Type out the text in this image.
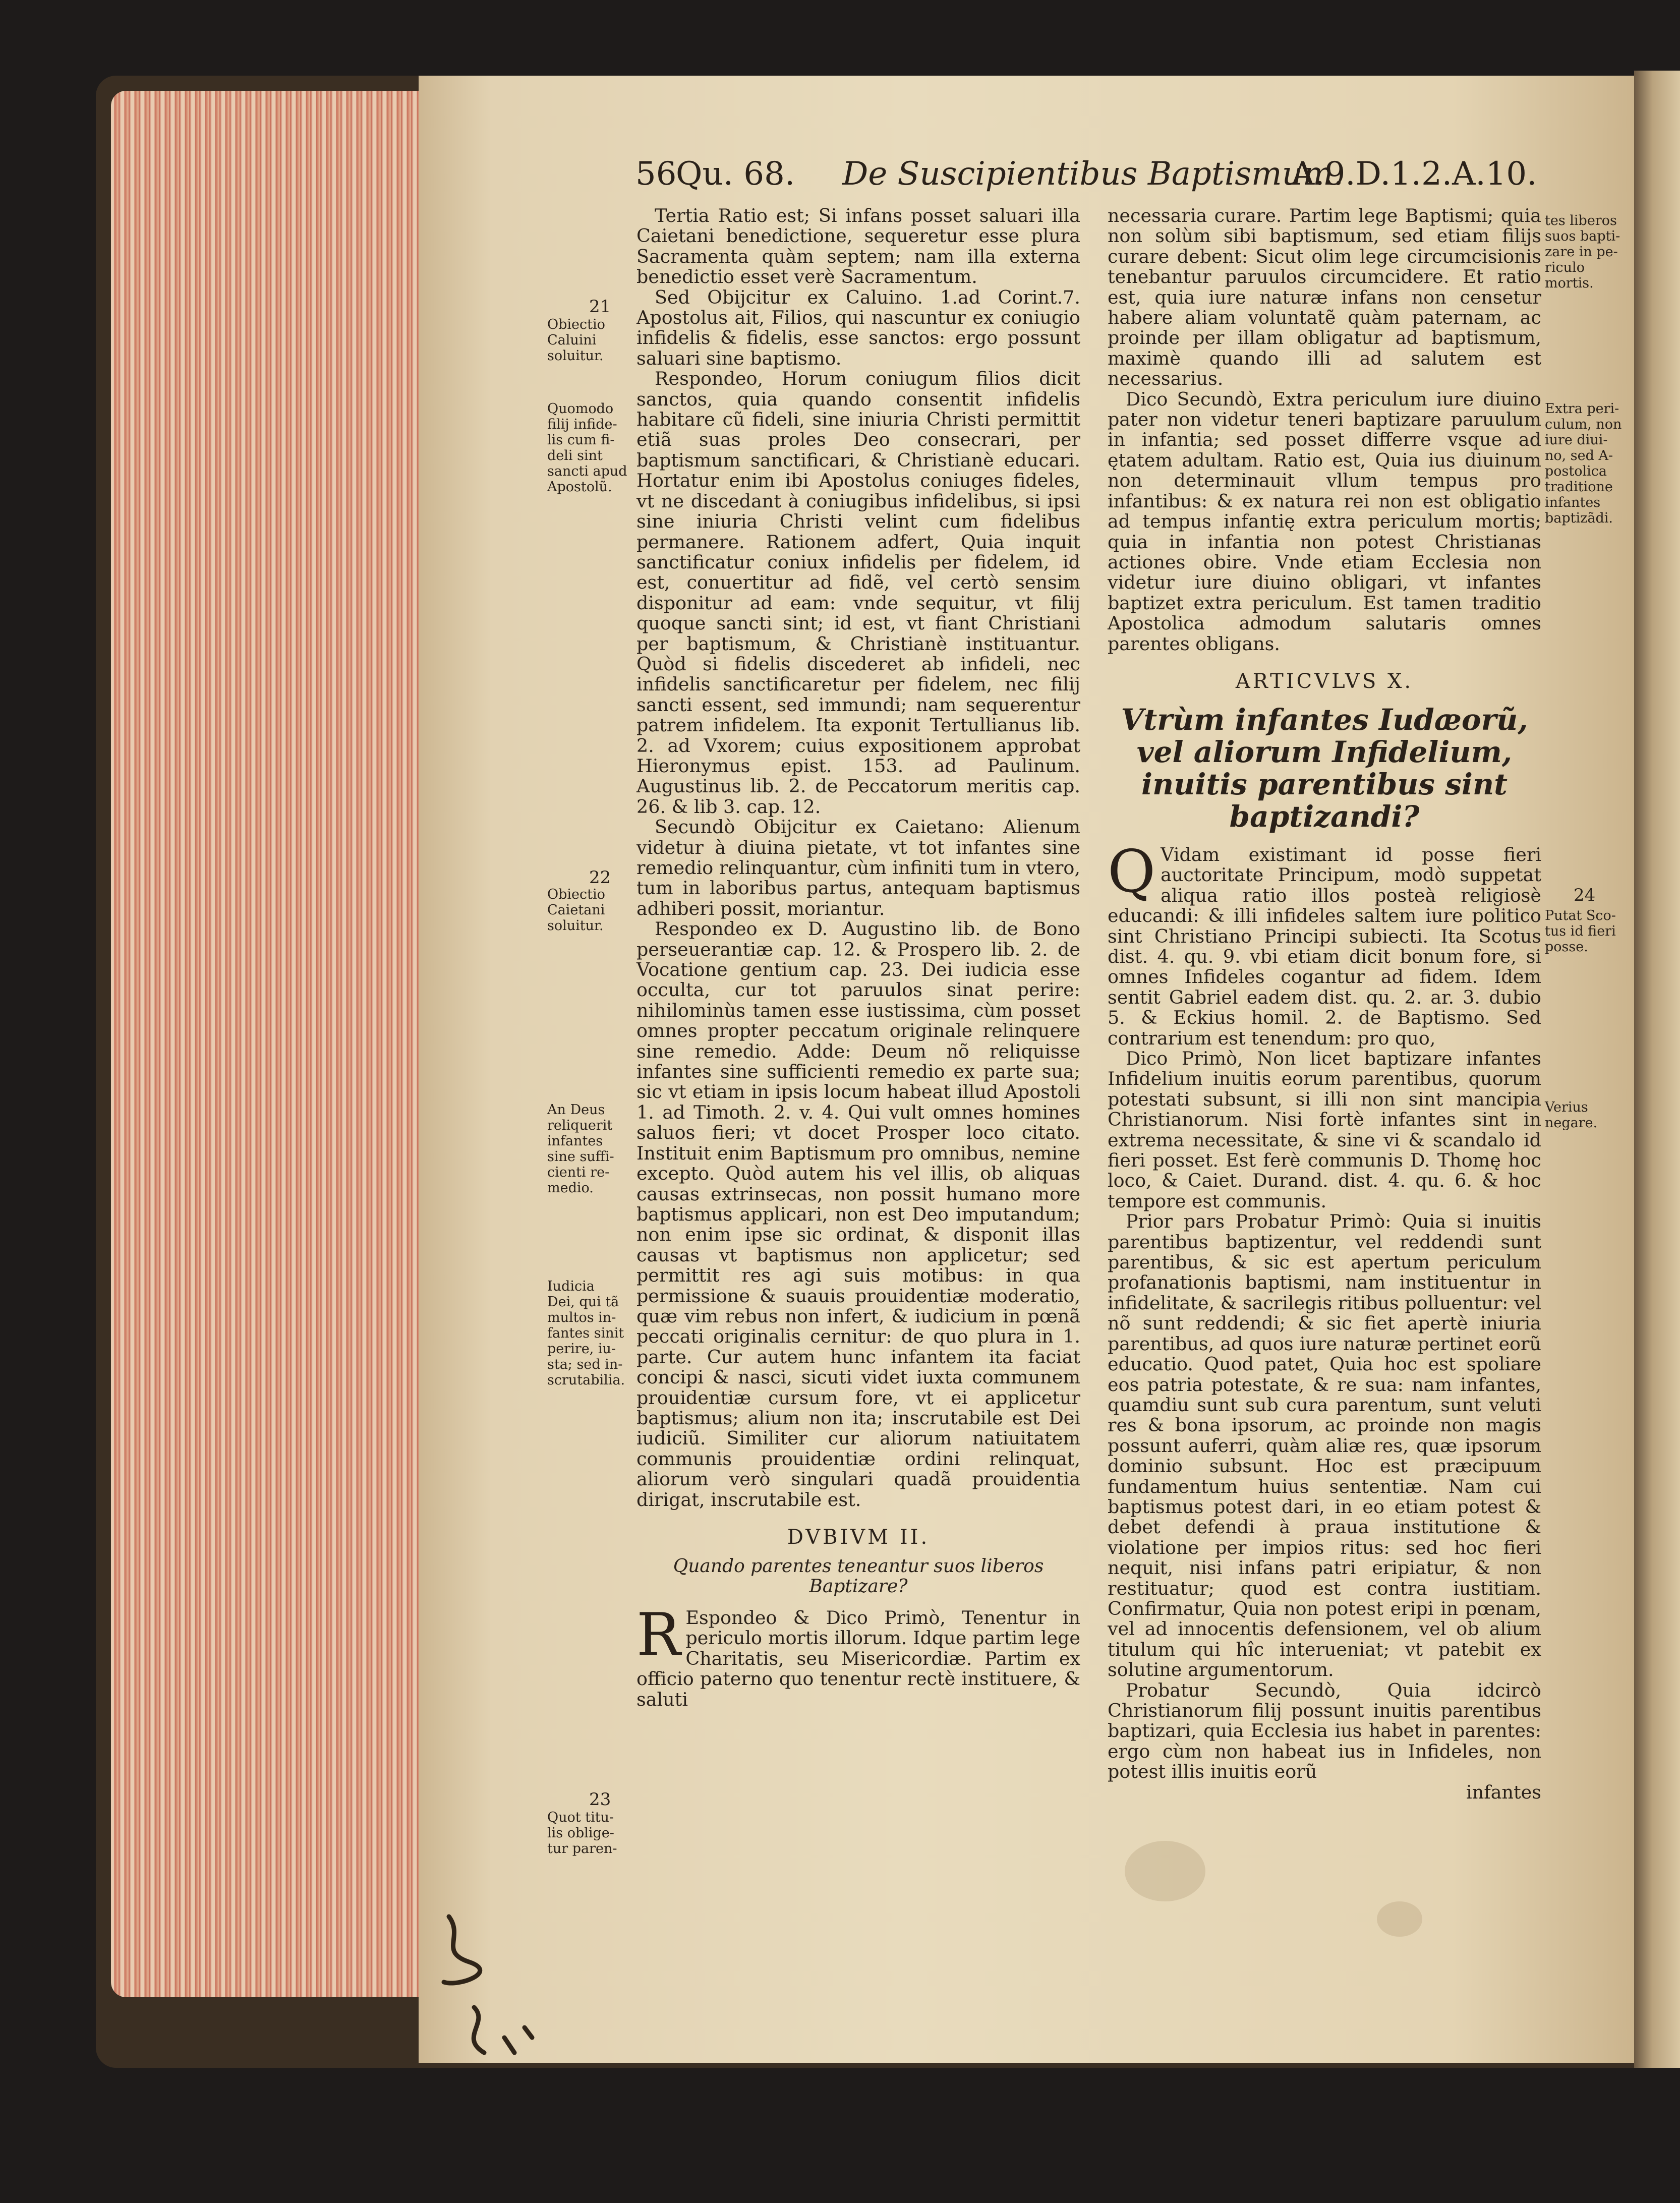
56
Qu. 68. De Suscipientibus Baptismum.
A.9.D.1.2.A.10.

Tertia Ratio est; Si infans posset saluari illa Caietani benedictione, sequeretur esse plura Sacramenta quàm septem; nam illa externa benedictio esset verè Sacramentum.

Sed Obijcitur ex Caluino. 1.ad Corint.7. Apostolus ait, Filios, qui nascuntur ex coniugio infidelis & fidelis, esse sanctos: ergo possunt saluari sine baptismo.

Respondeo, Horum coniugum filios dicit sanctos, quia quando consentit infidelis habitare cũ fideli, sine iniuria Christi permittit etiã suas proles Deo consecrari, per baptismum sanctificari, & Christianè educari. Hortatur enim ibi Apostolus coniuges fideles, vt ne discedant à coniugibus infidelibus, si ipsi sine iniuria Christi velint cum fidelibus permanere. Rationem adfert, Quia inquit sanctificatur coniux infidelis per fidelem, id est, conuertitur ad fidẽ, vel certò sensim disponitur ad eam: vnde sequitur, vt filij quoque sancti sint; id est, vt fiant Christiani per baptismum, & Christianè instituantur. Quòd si fidelis discederet ab infideli, nec infidelis sanctificaretur per fidelem, nec filij sancti essent, sed immundi; nam sequerentur patrem infidelem. Ita exponit Tertullianus lib. 2. ad Vxorem; cuius expositionem approbat Hieronymus epist. 153. ad Paulinum. Augustinus lib. 2. de Peccatorum meritis cap. 26. & lib 3. cap. 12.

Secundò Obijcitur ex Caietano: Alienum videtur à diuina pietate, vt tot infantes sine remedio relinquantur, cùm infiniti tum in vtero, tum in laboribus partus, antequam baptismus adhiberi possit, moriantur.

Respondeo ex D. Augustino lib. de Bono perseuerantiæ cap. 12. & Prospero lib. 2. de Vocatione gentium cap. 23. Dei iudicia esse occulta, cur tot paruulos sinat perire: nihilominùs tamen esse iustissima, cùm posset omnes propter peccatum originale relinquere sine remedio. Adde: Deum nõ reliquisse infantes sine sufficienti remedio ex parte sua; sic vt etiam in ipsis locum habeat illud Apostoli 1. ad Timoth. 2. v. 4. Qui vult omnes homines saluos fieri; vt docet Prosper loco citato. Instituit enim Baptismum pro omnibus, nemine excepto. Quòd autem his vel illis, ob aliquas causas extrinsecas, non possit humano more baptismus applicari, non est Deo imputandum; non enim ipse sic ordinat, & disponit illas causas vt baptismus non applicetur; sed permittit res agi suis motibus: in qua permissione & suauis prouidentiæ moderatio, quæ vim rebus non infert, & iudicium in pœnã peccati originalis cernitur: de quo plura in 1. parte. Cur autem hunc infantem ita faciat concipi & nasci, sicuti videt iuxta communem prouidentiæ cursum fore, vt ei applicetur baptismus; alium non ita; inscrutabile est Dei iudiciũ. Similiter cur aliorum natiuitatem communis prouidentiæ ordini relinquat, aliorum verò singulari quadã prouidentia dirigat, inscrutabile est.

DVBIVM II.

Quando parentes teneantur suos liberos Baptizare?

R Espondeo & Dico Primò, Tenentur in periculo mortis illorum. Idque partim lege Charitatis, seu Misericordiæ. Partim ex officio paterno quo tenentur rectè instituere, & saluti

necessaria curare. Partim lege Baptismi; quia non solùm sibi baptismum, sed etiam filijs curare debent: Sicut olim lege circumcisionis tenebantur paruulos circumcidere. Et ratio est, quia iure naturæ infans non censetur habere aliam voluntatẽ quàm paternam, ac proinde per illam obligatur ad baptismum, maximè quando illi ad salutem est necessarius.

Dico Secundò, Extra periculum iure diuino pater non videtur teneri baptizare paruulum in infantia; sed posset differre vsque ad ętatem adultam. Ratio est, Quia ius diuinum non determinauit vllum tempus pro infantibus: & ex natura rei non est obligatio ad tempus infantię extra periculum mortis; quia in infantia non potest Christianas actiones obire. Vnde etiam Ecclesia non videtur iure diuino obligari, vt infantes baptizet extra periculum. Est tamen traditio Apostolica admodum salutaris omnes parentes obligans.

ARTICVLVS X.

Vtrùm infantes Iudæorũ, vel aliorum Infidelium, inuitis parentibus sint baptizandi?

Q Vidam existimant id posse fieri auctoritate Principum, modò suppetat aliqua ratio illos posteà religiosè educandi: & illi infideles saltem iure politico sint Christiano Principi subiecti. Ita Scotus dist. 4. qu. 9. vbi etiam dicit bonum fore, si omnes Infideles cogantur ad fidem. Idem sentit Gabriel eadem dist. qu. 2. ar. 3. dubio 5. & Eckius homil. 2. de Baptismo. Sed contrarium est tenendum: pro quo,

Dico Primò, Non licet baptizare infantes Infidelium inuitis eorum parentibus, quorum potestati subsunt, si illi non sint mancipia Christianorum. Nisi fortè infantes sint in extrema necessitate, & sine vi & scandalo id fieri posset. Est ferè communis D. Thomę hoc loco, & Caiet. Durand. dist. 4. qu. 6. & hoc tempore est communis.

Prior pars Probatur Primò: Quia si inuitis parentibus baptizentur, vel reddendi sunt parentibus, & sic est apertum periculum profanationis baptismi, nam instituentur in infidelitate, & sacrilegis ritibus polluentur: vel nõ sunt reddendi; & sic fiet apertè iniuria parentibus, ad quos iure naturæ pertinet eorũ educatio. Quod patet, Quia hoc est spoliare eos patria potestate, & re sua: nam infantes, quamdiu sunt sub cura parentum, sunt veluti res & bona ipsorum, ac proinde non magis possunt auferri, quàm aliæ res, quæ ipsorum dominio subsunt. Hoc est præcipuum fundamentum huius sententiæ. Nam cui baptismus potest dari, in eo etiam potest & debet defendi à praua institutione & violatione per impios ritus: sed hoc fieri nequit, nisi infans patri eripiatur, & non restituatur; quod est contra iustitiam. Confirmatur, Quia non potest eripi in pœnam, vel ad innocentis defensionem, vel ob alium titulum qui hîc interueniat; vt patebit ex solutine argumentorum.

Probatur Secundò, Quia idcircò Christianorum filij possunt inuitis parentibus baptizari, quia Ecclesia ius habet in parentes: ergo cùm non habeat ius in Infideles, non potest illis inuitis eorũ

infantes

21
Obiectio
Caluini
soluitur.
Quomodo
filij infide-
lis cum fi-
deli sint
sancti apud
Apostolũ.
22
Obiectio
Caietani
soluitur.
An Deus
reliquerit
infantes
sine suffi-
cienti re-
medio.
Iudicia
Dei, qui tã
multos in-
fantes sinit
perire, iu-
sta; sed in-
scrutabilia.
23
Quot titu-
lis oblige-
tur paren-
tes liberos
suos bapti-
zare in pe-
riculo
mortis.
Extra peri-
culum, non
iure diui-
no, sed A-
postolica
traditione
infantes
baptizãdi.
24
Putat Sco-
tus id fieri
posse.
Verius
negare.
